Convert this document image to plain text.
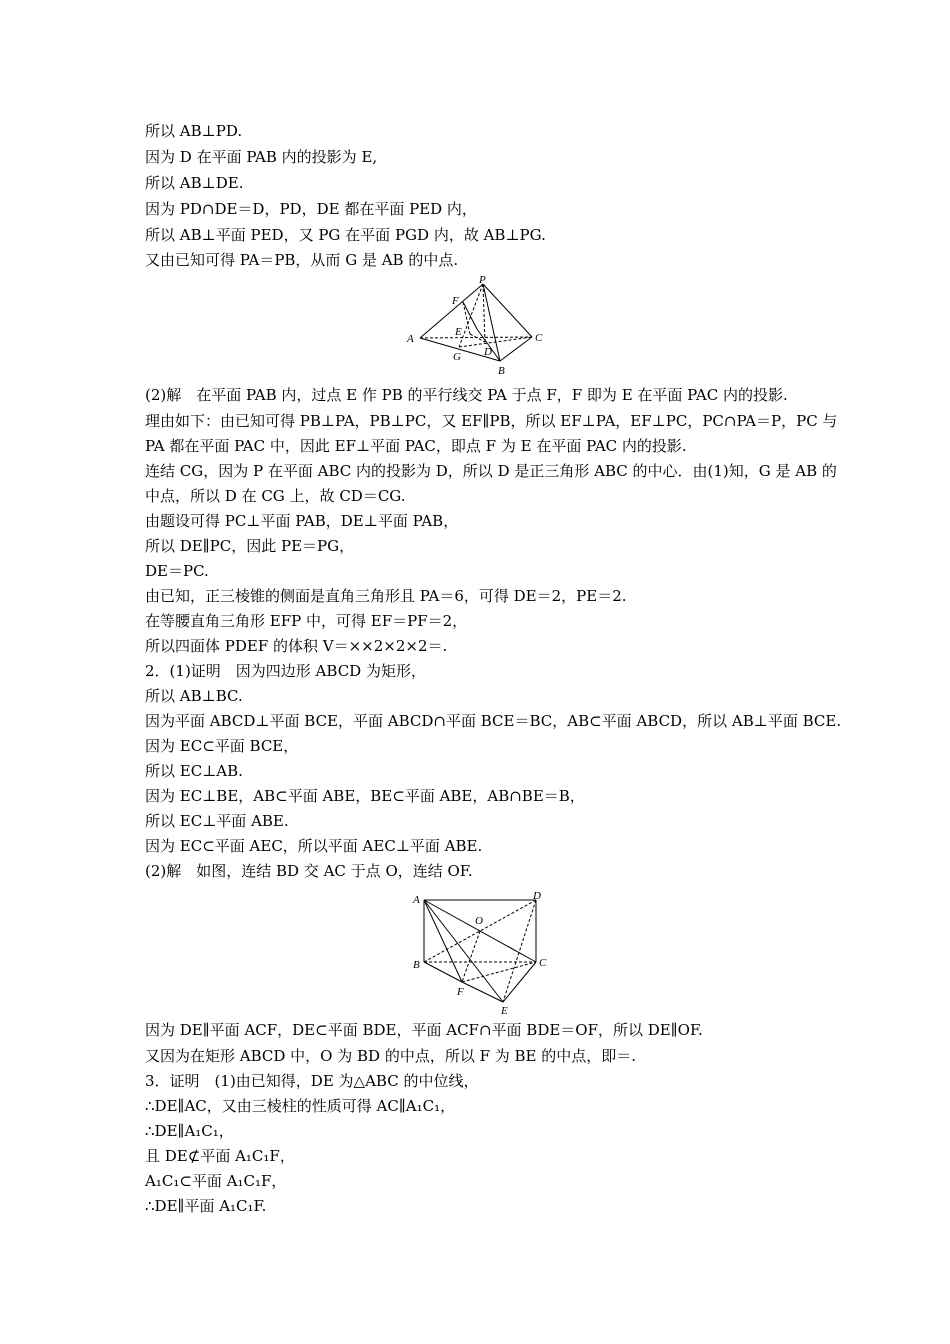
所以 AB⊥PD.
因为 D 在平面 PAB 内的投影为 E,
所以 AB⊥DE.
因为 PD∩DE＝D，PD，DE 都在平面 PED 内，
所以 AB⊥平面 PED，又 PG 在平面 PGD 内，故 AB⊥PG.
又由已知可得 PA＝PB，从而 G 是 AB 的中点.
P
F
A
E	C
G D
B
(2)解　在平面 PAB 内，过点 E 作 PB 的平行线交 PA 于点 F，F 即为 E 在平面 PAC 内的投影.
理由如下：由已知可得 PB⊥PA，PB⊥PC，又 EF∥PB，所以 EF⊥PA，EF⊥PC，PC∩PA＝P，PC 与
PA 都在平面 PAC 中，因此 EF⊥平面 PAC，即点 F 为 E 在平面 PAC 内的投影.
连结 CG，因为 P 在平面 ABC 内的投影为 D，所以 D 是正三角形 ABC 的中心．由(1)知，G 是 AB 的
中点，所以 D 在 CG 上，故 CD＝CG.
由题设可得 PC⊥平面 PAB，DE⊥平面 PAB，
所以 DE∥PC，因此 PE＝PG，
DE＝PC.
由已知，正三棱锥的侧面是直角三角形且 PA＝6，可得 DE＝2，PE＝2.
在等腰直角三角形 EFP 中，可得 EF＝PF＝2，
所以四面体 PDEF 的体积 V＝××2×2×2＝.
2．(1)证明　因为四边形 ABCD 为矩形，
所以 AB⊥BC.
因为平面 ABCD⊥平面 BCE，平面 ABCD∩平面 BCE＝BC，AB⊂平面 ABCD，所以 AB⊥平面 BCE.
因为 EC⊂平面 BCE，
所以 EC⊥AB.
因为 EC⊥BE，AB⊂平面 ABE，BE⊂平面 ABE，AB∩BE＝B，
所以 EC⊥平面 ABE.
因为 EC⊂平面 AEC，所以平面 AEC⊥平面 ABE.
(2)解　如图，连结 BD 交 AC 于点 O，连结 OF.
A	D
O
B	C
F
E
因为 DE∥平面 ACF，DE⊂平面 BDE，平面 ACF∩平面 BDE＝OF，所以 DE∥OF.
又因为在矩形 ABCD 中，O 为 BD 的中点，所以 F 为 BE 的中点，即＝.
3．证明　(1)由已知得，DE 为△ABC 的中位线，
∴DE∥AC，又由三棱柱的性质可得 AC∥A₁C₁，
∴DE∥A₁C₁，
且 DE⊄平面 A₁C₁F，
A₁C₁⊂平面 A₁C₁F，
∴DE∥平面 A₁C₁F.
